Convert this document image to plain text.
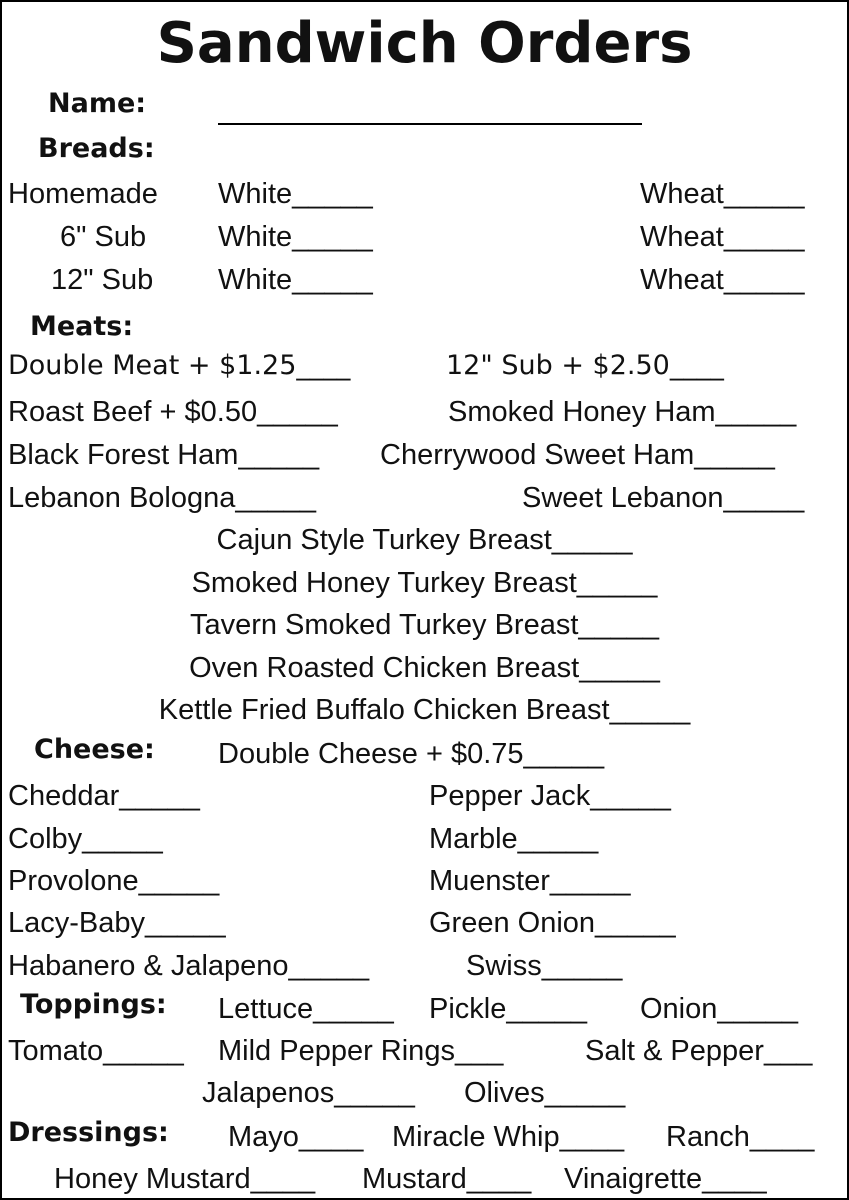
Sandwich Orders
Name:
Breads:
Homemade White_____	Wheat_____
6" Sub White_____	Wheat_____
12" Sub White_____	Wheat_____
Meats:
Double Meat + $1.25____	12" Sub + $2.50____
Roast Beef + $0.50_____	Smoked Honey Ham_____
Black Forest Ham_____ Cherrywood Sweet Ham_____
Lebanon Bologna_____	Sweet Lebanon_____
Cajun Style Turkey Breast_____
Smoked Honey Turkey Breast_____
Tavern Smoked Turkey Breast_____
Oven Roasted Chicken Breast_____
Kettle Fried Buffalo Chicken Breast_____
Cheese: Double Cheese + $0.75_____
Cheddar_____	Pepper Jack_____
Colby_____	Marble_____
Provolone_____	Muenster_____
Lacy-Baby_____	Green Onion_____
Habanero & Jalapeno_____	Swiss_____
Toppings: Lettuce_____ Pickle_____ Onion_____
Tomato_____ Mild Pepper Rings___	Salt & Pepper___
Jalapenos_____ Olives_____
Dressings: Mayo____ Miracle Whip____ Ranch____
Honey Mustard____ Mustard____ Vinaigrette____
